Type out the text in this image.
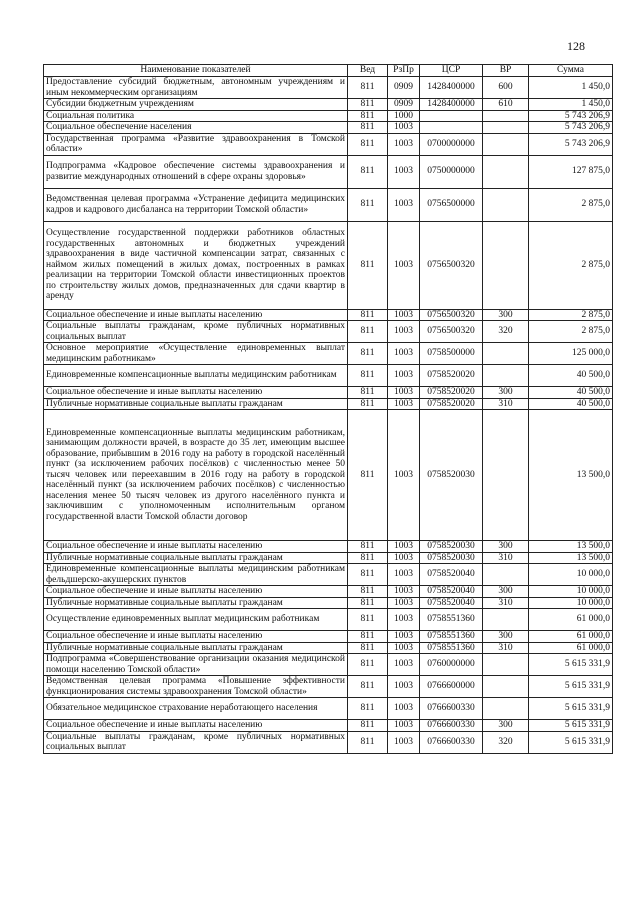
128
Наименование показателей	Вед	РзПр	ЦСР	ВР	Сумма
Предоставление субсидий бюджетным, автономным учреждениям и иным некоммерческим организациям	811	0909	1428400000	600	1 450,0
Субсидии бюджетным учреждениям	811	0909	1428400000	610	1 450,0
Социальная политика	811	1000			5 743 206,9
Социальное обеспечение населения	811	1003			5 743 206,9
Государственная программа «Развитие здравоохранения в Томской области»	811	1003	0700000000		5 743 206,9
Подпрограмма «Кадровое обеспечение системы здравоохранения и развитие международных отношений в сфере охраны здоровья»	811	1003	0750000000		127 875,0
Ведомственная целевая программа «Устранение дефицита медицинских кадров и кадрового дисбаланса на территории Томской области»	811	1003	0756500000		2 875,0
Осуществление государственной поддержки работников областных государственных автономных и бюджетных учреждений здравоохранения в виде частичной компенсации затрат, связанных с наймом жилых помещений в жилых домах, построенных в рамках реализации на территории Томской области инвестиционных проектов по строительству жилых домов, предназначенных для сдачи квартир в аренду	811	1003	0756500320		2 875,0
Социальное обеспечение и иные выплаты населению	811	1003	0756500320	300	2 875,0
Социальные выплаты гражданам, кроме публичных нормативных социальных выплат	811	1003	0756500320	320	2 875,0
Основное мероприятие «Осуществление единовременных выплат медицинским работникам»	811	1003	0758500000		125 000,0
Единовременные компенсационные выплаты медицинским работникам	811	1003	0758520020		40 500,0
Социальное обеспечение и иные выплаты населению	811	1003	0758520020	300	40 500,0
Публичные нормативные социальные выплаты гражданам	811	1003	0758520020	310	40 500,0
Единовременные компенсационные выплаты медицинским работникам, занимающим должности врачей, в возрасте до 35 лет, имеющим высшее образование, прибывшим в 2016 году на работу в городской населённый пункт (за исключением рабочих посёлков) с численностью менее 50 тысяч человек или переехавшим в 2016 году на работу в городской населённый пункт (за исключением рабочих посёлков) с численностью населения менее 50 тысяч человек из другого населённого пункта и заключившим с уполномоченным исполнительным органом государственной власти Томской области договор	811	1003	0758520030		13 500,0
Социальное обеспечение и иные выплаты населению	811	1003	0758520030	300	13 500,0
Публичные нормативные социальные выплаты гражданам	811	1003	0758520030	310	13 500,0
Единовременные компенсационные выплаты медицинским работникам фельдшерско-акушерских пунктов	811	1003	0758520040		10 000,0
Социальное обеспечение и иные выплаты населению	811	1003	0758520040	300	10 000,0
Публичные нормативные социальные выплаты гражданам	811	1003	0758520040	310	10 000,0
Осуществление единовременных выплат медицинским работникам	811	1003	0758551360		61 000,0
Социальное обеспечение и иные выплаты населению	811	1003	0758551360	300	61 000,0
Публичные нормативные социальные выплаты гражданам	811	1003	0758551360	310	61 000,0
Подпрограмма «Совершенствование организации оказания медицинской помощи населению Томской области»	811	1003	0760000000		5 615 331,9
Ведомственная целевая программа «Повышение эффективности функционирования системы здравоохранения Томской области»	811	1003	0766600000		5 615 331,9
Обязательное медицинское страхование неработающего населения	811	1003	0766600330		5 615 331,9
Социальное обеспечение и иные выплаты населению	811	1003	0766600330	300	5 615 331,9
Социальные выплаты гражданам, кроме публичных нормативных социальных выплат	811	1003	0766600330	320	5 615 331,9
